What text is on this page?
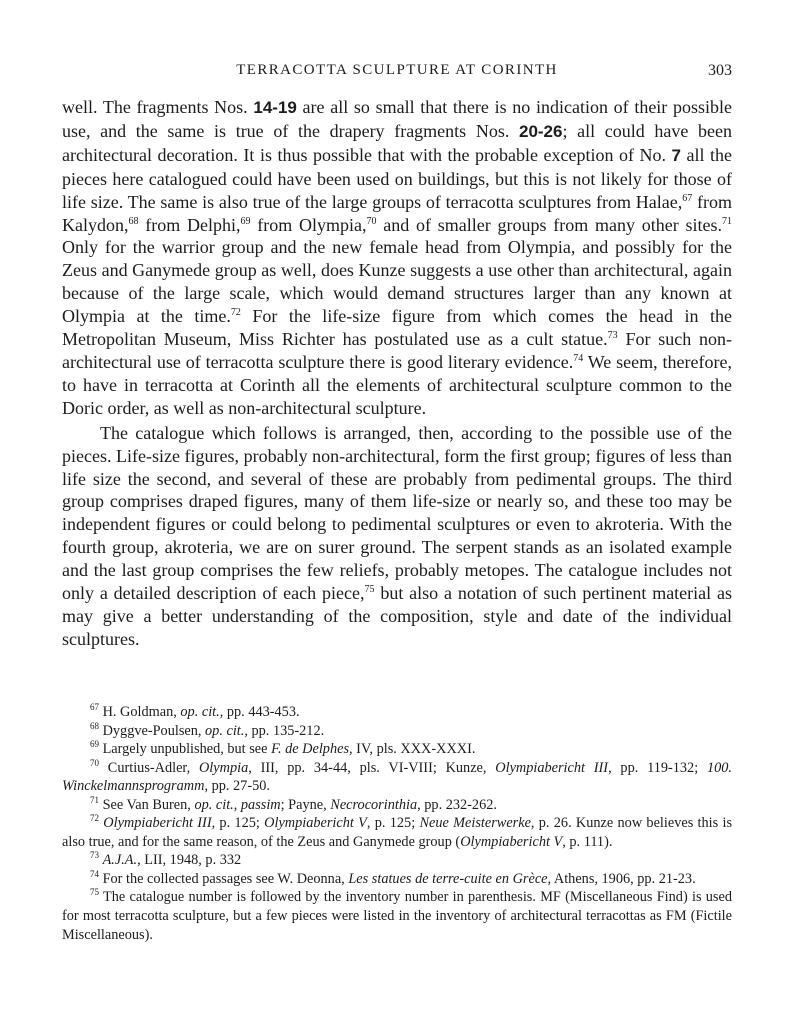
TERRACOTTA SCULPTURE AT CORINTH	303

well. The fragments Nos. 14-19 are all so small that there is no indication of their possible use, and the same is true of the drapery fragments Nos. 20-26; all could have been architectural decoration. It is thus possible that with the probable exception of No. 7 all the pieces here catalogued could have been used on buildings, but this is not likely for those of life size. The same is also true of the large groups of terracotta sculptures from Halae,$^{67}$ from Kalydon,$^{68}$ from Delphi,$^{69}$ from Olympia,$^{70}$ and of smaller groups from many other sites.$^{71}$ Only for the warrior group and the new female head from Olympia, and possibly for the Zeus and Ganymede group as well, does Kunze suggests a use other than architectural, again because of the large scale, which would demand structures larger than any known at Olympia at the time.$^{72}$ For the life-size figure from which comes the head in the Metropolitan Museum, Miss Richter has postulated use as a cult statue.$^{73}$ For such non-architectural use of terracotta sculpture there is good literary evidence.$^{74}$ We seem, therefore, to have in terracotta at Corinth all the elements of architectural sculpture common to the Doric order, as well as non-architectural sculpture.

The catalogue which follows is arranged, then, according to the possible use of the pieces. Life-size figures, probably non-architectural, form the first group; figures of less than life size the second, and several of these are probably from pedimental groups. The third group comprises draped figures, many of them life-size or nearly so, and these too may be independent figures or could belong to pedimental sculptures or even to akroteria. With the fourth group, akroteria, we are on surer ground. The serpent stands as an isolated example and the last group comprises the few reliefs, probably metopes. The catalogue includes not only a detailed description of each piece,$^{75}$ but also a notation of such pertinent material as may give a better understanding of the composition, style and date of the individual sculptures.

$^{67}$ H. Goldman, op. cit., pp. 443-453.

$^{68}$ Dyggve-Poulsen, op. cit., pp. 135-212.

$^{69}$ Largely unpublished, but see F. de Delphes, IV, pls. XXX-XXXI.

$^{70}$ Curtius-Adler, Olympia, III, pp. 34-44, pls. VI-VIII; Kunze, Olympiabericht III, pp. 119-132; 100. Winckelmannsprogramm, pp. 27-50.

$^{71}$ See Van Buren, op. cit., passim; Payne, Necrocorinthia, pp. 232-262.

$^{72}$ Olympiabericht III, p. 125; Olympiabericht V, p. 125; Neue Meisterwerke, p. 26. Kunze now believes this is also true, and for the same reason, of the Zeus and Ganymede group (Olympiabericht V, p. 111).

$^{73}$ A.J.A., LII, 1948, p. 332

$^{74}$ For the collected passages see W. Deonna, Les statues de terre-cuite en Grèce, Athens, 1906, pp. 21-23.

$^{75}$ The catalogue number is followed by the inventory number in parenthesis. MF (Miscellaneous Find) is used for most terracotta sculpture, but a few pieces were listed in the inventory of architectural terracottas as FM (Fictile Miscellaneous).
